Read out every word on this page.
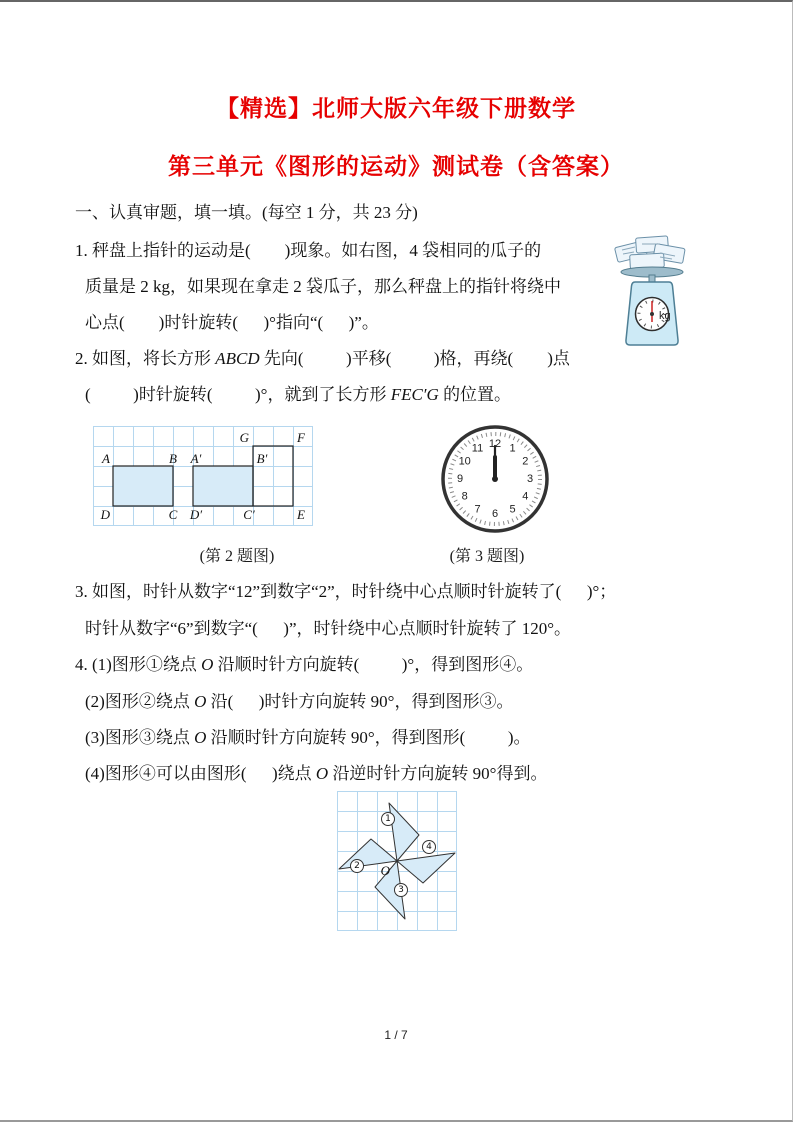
【精选】北师大版六年级下册数学
第三单元《图形的运动》测试卷（含答案）
一、认真审题，填一填。(每空 1 分，共 23 分)
1. 秤盘上指针的运动是(        )现象。如右图，4 袋相同的瓜子的
质量是 2 kg，如果现在拿走 2 袋瓜子，那么秤盘上的指针将绕中
心点(        )时针旋转(      )°指向“(      )”。
2. 如图，将长方形 ABCD 先向(          )平移(          )格，再绕(        )点
(          )时针旋转(          )°，就到了长方形 FEC′G 的位置。
kg
A	B
D	C
A′	B′
D′	C′
G	F
E
12 1
2
3
4
5
6
7
8
9
10
11
(第 2 题图)	(第 3 题图)
3. 如图，时针从数字“12”到数字“2”，时针绕中心点顺时针旋转了(      )°；
时针从数字“6”到数字“(      )”，时针绕中心点顺时针旋转了 120°。
4. (1)图形①绕点 O 沿顺时针方向旋转(          )°，得到图形④。
(2)图形②绕点 O 沿(      )时针方向旋转 90°，得到图形③。
(3)图形③绕点 O 沿顺时针方向旋转 90°，得到图形(          )。
(4)图形④可以由图形(      )绕点 O 沿逆时针方向旋转 90°得到。
1
2
3
4
O
1 / 7
